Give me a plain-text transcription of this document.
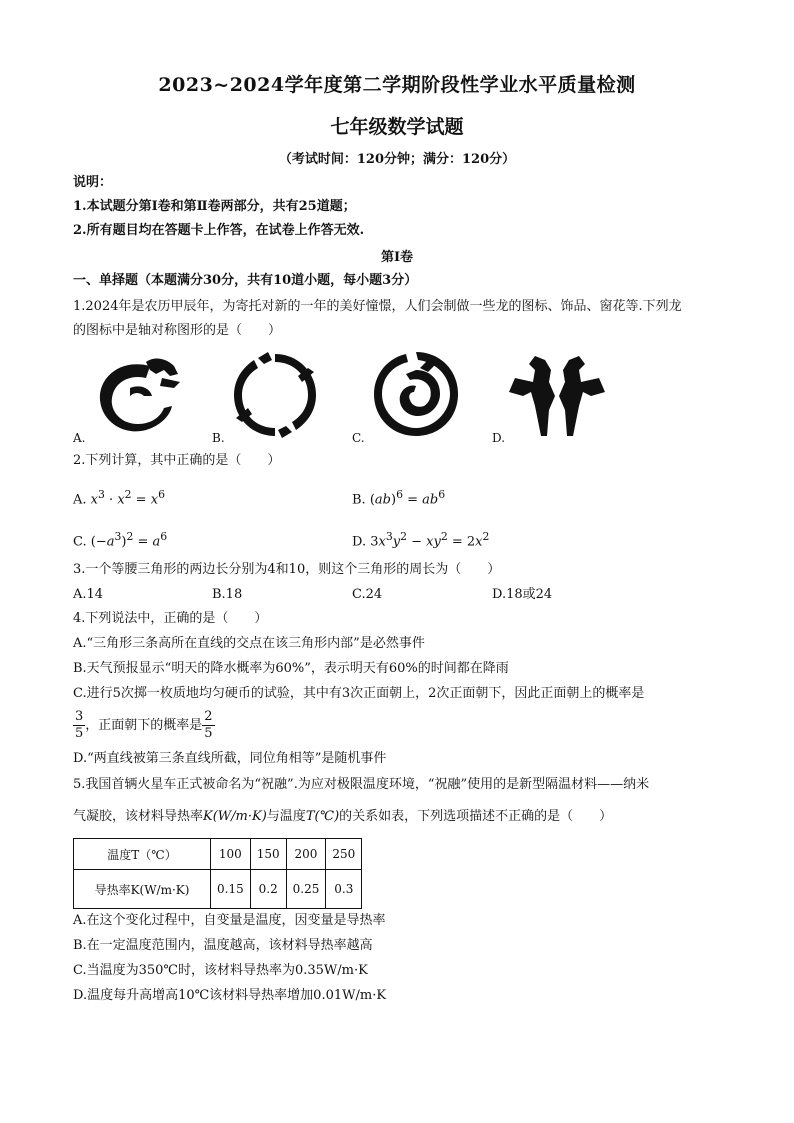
2023~2024学年度第二学期阶段性学业水平质量检测
七年级数学试题
（考试时间：120分钟；满分：120分）
说明：
1.本试题分第Ⅰ卷和第Ⅱ卷两部分，共有25道题；
2.所有题目均在答题卡上作答，在试卷上作答无效.
第Ⅰ卷
一、单择题（本题满分30分，共有10道小题，每小题3分）
1.2024年是农历甲辰年，为寄托对新的一年的美好憧憬，人们会制做一些龙的图标、饰品、窗花等.下列龙
的图标中是轴对称图形的是（　　）
A.	B.	C.	D.
2.下列计算，其中正确的是（　　）
A. $x^3 \cdot x^2 = x^6$	B. $(ab)^6 = ab^6$
C. $(-a^3)^2 = a^6$	D. $3x^3y^2 - xy^2 = 2x^2$
3.一个等腰三角形的两边长分别为4和10，则这个三角形的周长为（　　）
A.14	B.18	C.24	D.18或24
4.下列说法中，正确的是（　　）
A.“三角形三条高所在直线的交点在该三角形内部”是必然事件
B.天气预报显示“明天的降水概率为60%”，表示明天有60%的时间都在降雨
C.进行5次掷一枚质地均匀硬币的试验，其中有3次正面朝上，2次正面朝下，因此正面朝上的概率是
$\frac{3}{5}$ ，正面朝下的概率是 $\frac{2}{5}$
D.“两直线被第三条直线所截，同位角相等”是随机事件
5.我国首辆火星车正式被命名为“祝融”.为应对极限温度环境，“祝融”使用的是新型隔温材料——纳米
气凝胶，该材料导热率K(W/m·K)与温度T(℃)的关系如表，下列选项描述不正确的是（　　）
温度T（℃）	100	150	200	250
导热率K(W/m·K)	0.15	0.2	0.25	0.3
A.在这个变化过程中，自变量是温度，因变量是导热率
B.在一定温度范围内，温度越高，该材料导热率越高
C.当温度为350℃时，该材料导热率为0.35W/m·K
D.温度每升高增高10℃该材料导热率增加0.01W/m·K
